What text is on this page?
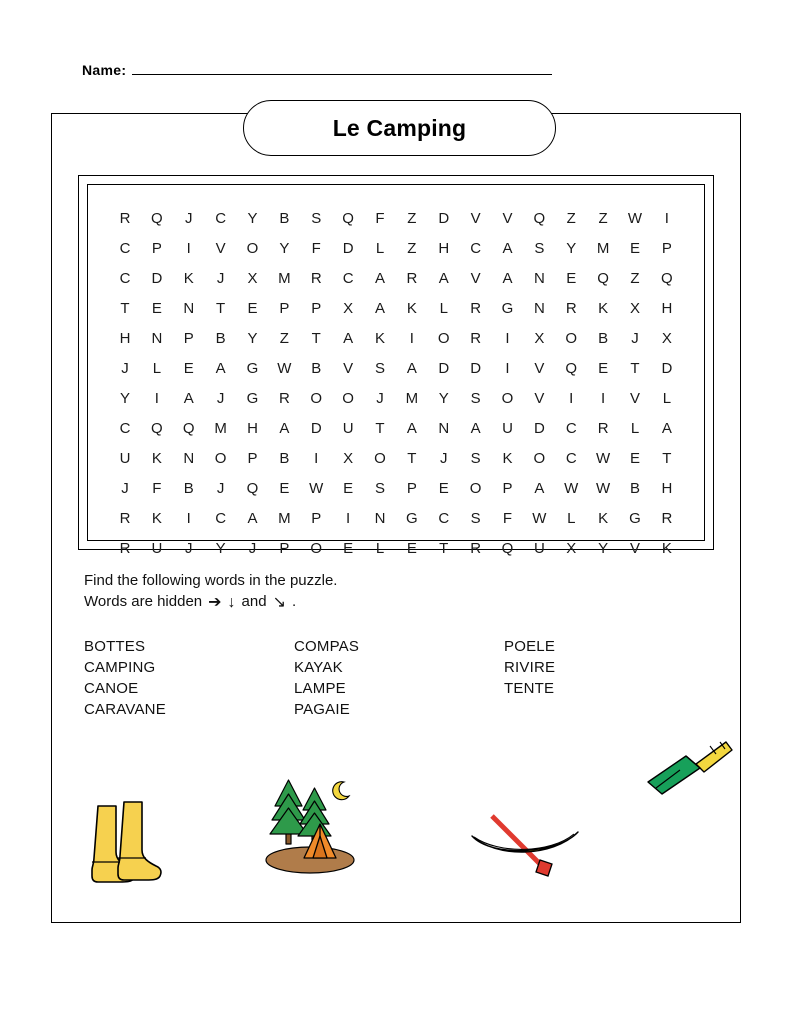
Name:
Le Camping
R	Q	J	C	Y	B	S	Q	F	Z	D	V	V	Q	Z	Z	W	I
C	P	I	V	O	Y	F	D	L	Z	H	C	A	S	Y	M	E	P
C	D	K	J	X	M	R	C	A	R	A	V	A	N	E	Q	Z	Q
T	E	N	T	E	P	P	X	A	K	L	R	G	N	R	K	X	H
H	N	P	B	Y	Z	T	A	K	I	O	R	I	X	O	B	J	X
J	L	E	A	G	W	B	V	S	A	D	D	I	V	Q	E	T	D
Y	I	A	J	G	R	O	O	J	M	Y	S	O	V	I	I	V	L
C	Q	Q	M	H	A	D	U	T	A	N	A	U	D	C	R	L	A
U	K	N	O	P	B	I	X	O	T	J	S	K	O	C	W	E	T
J	F	B	J	Q	E	W	E	S	P	E	O	P	A	W	W	B	H
R	K	I	C	A	M	P	I	N	G	C	S	F	W	L	K	G	R
R	U	J	Y	J	P	O	E	L	E	T	R	Q	U	X	Y	V	K
Find the following words in the puzzle.
Words are hidden ➔ ↓ and ↘ .
BOTTES
CAMPING
CANOE
CARAVANE
COMPAS
KAYAK
LAMPE
PAGAIE
POELE
RIVIRE
TENTE
